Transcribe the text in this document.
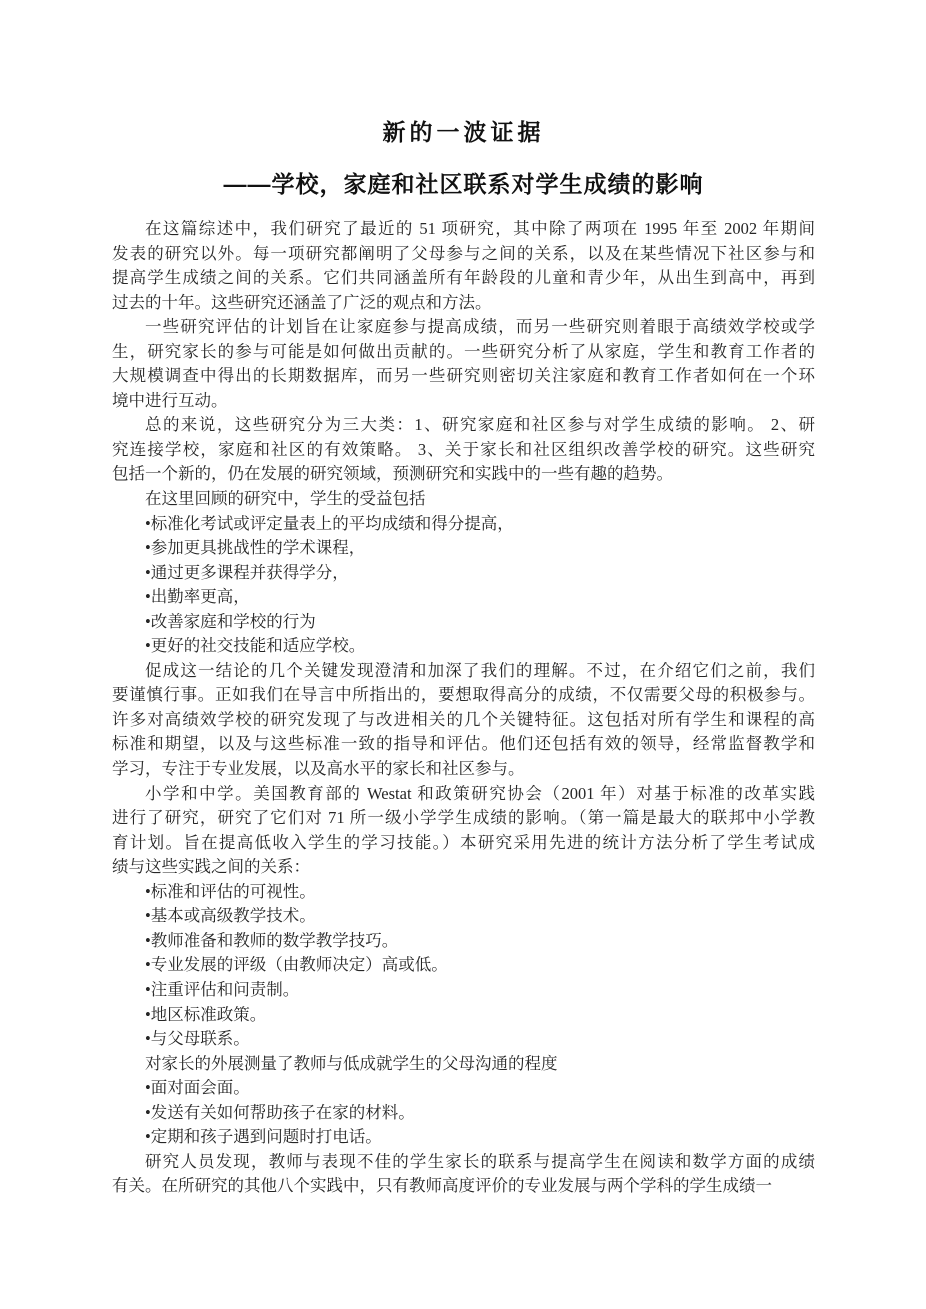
新的一波证据
——学校，家庭和社区联系对学生成绩的影响
在这篇综述中，我们研究了最近的 51 项研究，其中除了两项在 1995 年至 2002 年期间
发表的研究以外。每一项研究都阐明了父母参与之间的关系，以及在某些情况下社区参与和
提高学生成绩之间的关系。它们共同涵盖所有年龄段的儿童和青少年，从出生到高中，再到
过去的十年。这些研究还涵盖了广泛的观点和方法。
一些研究评估的计划旨在让家庭参与提高成绩，而另一些研究则着眼于高绩效学校或学
生，研究家长的参与可能是如何做出贡献的。一些研究分析了从家庭，学生和教育工作者的
大规模调查中得出的长期数据库，而另一些研究则密切关注家庭和教育工作者如何在一个环
境中进行互动。
总的来说，这些研究分为三大类：1、研究家庭和社区参与对学生成绩的影响。 2、研
究连接学校，家庭和社区的有效策略。 3、关于家长和社区组织改善学校的研究。这些研究
包括一个新的，仍在发展的研究领域，预测研究和实践中的一些有趣的趋势。
在这里回顾的研究中，学生的受益包括
•标准化考试或评定量表上的平均成绩和得分提高，
•参加更具挑战性的学术课程，
•通过更多课程并获得学分，
•出勤率更高，
•改善家庭和学校的行为
•更好的社交技能和适应学校。
促成这一结论的几个关键发现澄清和加深了我们的理解。不过，在介绍它们之前，我们
要谨慎行事。正如我们在导言中所指出的，要想取得高分的成绩，不仅需要父母的积极参与。
许多对高绩效学校的研究发现了与改进相关的几个关键特征。这包括对所有学生和课程的高
标准和期望，以及与这些标准一致的指导和评估。他们还包括有效的领导，经常监督教学和
学习，专注于专业发展，以及高水平的家长和社区参与。
小学和中学。美国教育部的 Westat 和政策研究协会（2001 年）对基于标准的改革实践
进行了研究，研究了它们对 71 所一级小学学生成绩的影响。（第一篇是最大的联邦中小学教
育计划。旨在提高低收入学生的学习技能。）本研究采用先进的统计方法分析了学生考试成
绩与这些实践之间的关系：
•标准和评估的可视性。
•基本或高级教学技术。
•教师准备和教师的数学教学技巧。
•专业发展的评级（由教师决定）高或低。
•注重评估和问责制。
•地区标准政策。
•与父母联系。
对家长的外展测量了教师与低成就学生的父母沟通的程度
•面对面会面。
•发送有关如何帮助孩子在家的材料。
•定期和孩子遇到问题时打电话。
研究人员发现，教师与表现不佳的学生家长的联系与提高学生在阅读和数学方面的成绩
有关。在所研究的其他八个实践中，只有教师高度评价的专业发展与两个学科的学生成绩一
